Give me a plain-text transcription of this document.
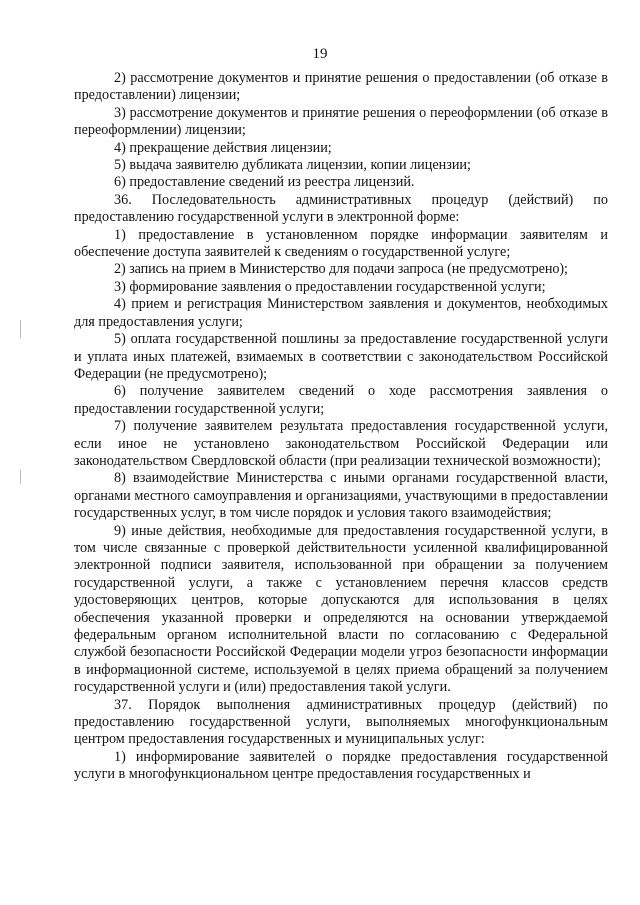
19

2) рассмотрение документов и принятие решения о предоставлении (об отказе в предоставлении) лицензии;

3) рассмотрение документов и принятие решения о переоформлении (об отказе в переоформлении) лицензии;

4) прекращение действия лицензии;

5) выдача заявителю дубликата лицензии, копии лицензии;

6) предоставление сведений из реестра лицензий.

36. Последовательность административных процедур (действий) по предоставлению государственной услуги в электронной форме:

1) предоставление в установленном порядке информации заявителям и обеспечение доступа заявителей к сведениям о государственной услуге;

2) запись на прием в Министерство для подачи запроса (не предусмотрено);

3) формирование заявления о предоставлении государственной услуги;

4) прием и регистрация Министерством заявления и документов, необходимых для предоставления услуги;

5) оплата государственной пошлины за предоставление государственной услуги и уплата иных платежей, взимаемых в соответствии с законодательством Российской Федерации (не предусмотрено);

6) получение заявителем сведений о ходе рассмотрения заявления о предоставлении государственной услуги;

7) получение заявителем результата предоставления государственной услуги, если иное не установлено законодательством Российской Федерации или законодательством Свердловской области (при реализации технической возможности);

8) взаимодействие Министерства с иными органами государственной власти, органами местного самоуправления и организациями, участвующими в предоставлении государственных услуг, в том числе порядок и условия такого взаимодействия;

9) иные действия, необходимые для предоставления государственной услуги, в том числе связанные с проверкой действительности усиленной квалифицированной электронной подписи заявителя, использованной при обращении за получением государственной услуги, а также с установлением перечня классов средств удостоверяющих центров, которые допускаются для использования в целях обеспечения указанной проверки и определяются на основании утверждаемой федеральным органом исполнительной власти по согласованию с Федеральной службой безопасности Российской Федерации модели угроз безопасности информации в информационной системе, используемой в целях приема обращений за получением государственной услуги и (или) предоставления такой услуги.

37. Порядок выполнения административных процедур (действий) по предоставлению государственной услуги, выполняемых многофункциональным центром предоставления государственных и муниципальных услуг:

1) информирование заявителей о порядке предоставления государственной услуги в многофункциональном центре предоставления государственных и
